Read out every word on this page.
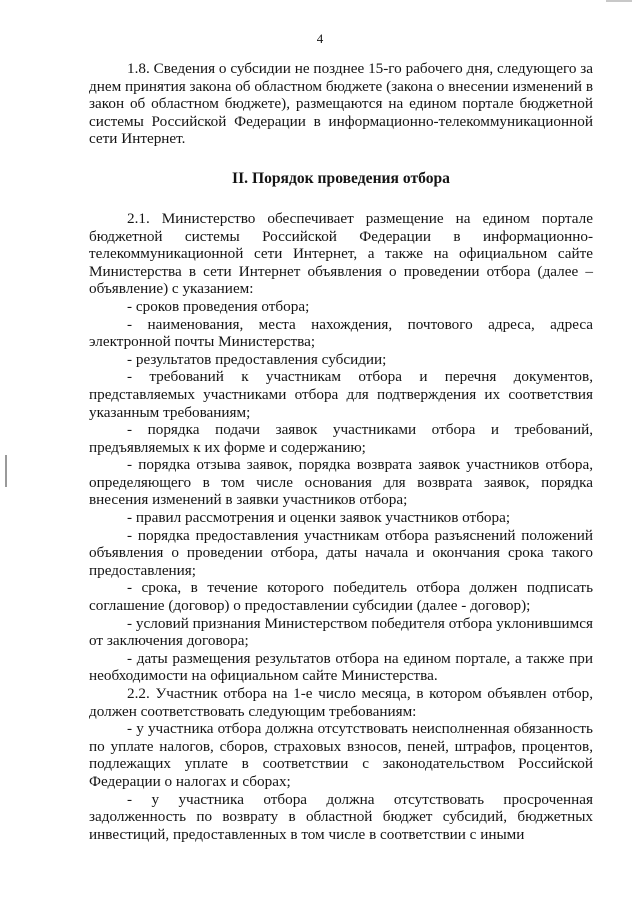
4

1.8. Сведения о субсидии не позднее 15-го рабочего дня, следующего за днем принятия закона об областном бюджете (закона о внесении изменений в закон об областном бюджете), размещаются на едином портале бюджетной системы Российской Федерации в информационно-телекоммуникационной сети Интернет.

II. Порядок проведения отбора

2.1. Министерство обеспечивает размещение на едином портале бюджетной системы Российской Федерации в информационно-телекоммуникационной сети Интернет, а также на официальном сайте Министерства в сети Интернет объявления о проведении отбора (далее – объявление) с указанием:

- сроков проведения отбора;

- наименования, места нахождения, почтового адреса, адреса электронной почты Министерства;

- результатов предоставления субсидии;

- требований к участникам отбора и перечня документов, представляемых участниками отбора для подтверждения их соответствия указанным требованиям;

- порядка подачи заявок участниками отбора и требований, предъявляемых к их форме и содержанию;

- порядка отзыва заявок, порядка возврата заявок участников отбора, определяющего в том числе основания для возврата заявок, порядка внесения изменений в заявки участников отбора;

- правил рассмотрения и оценки заявок участников отбора;

- порядка предоставления участникам отбора разъяснений положений объявления о проведении отбора, даты начала и окончания срока такого предоставления;

- срока, в течение которого победитель отбора должен подписать соглашение (договор) о предоставлении субсидии (далее - договор);

- условий признания Министерством победителя отбора уклонившимся от заключения договора;

- даты размещения результатов отбора на едином портале, а также при необходимости на официальном сайте Министерства.

2.2. Участник отбора на 1-е число месяца, в котором объявлен отбор, должен соответствовать следующим требованиям:

- у участника отбора должна отсутствовать неисполненная обязанность по уплате налогов, сборов, страховых взносов, пеней, штрафов, процентов, подлежащих уплате в соответствии с законодательством Российской Федерации о налогах и сборах;

- у участника отбора должна отсутствовать просроченная задолженность по возврату в областной бюджет субсидий, бюджетных инвестиций, предоставленных в том числе в соответствии с иными
